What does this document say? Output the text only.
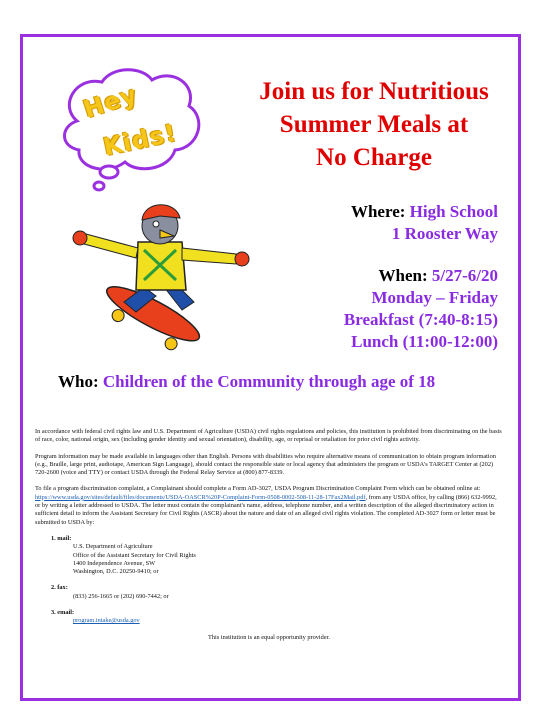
Hey
Kids!
Join us for Nutritious
Summer Meals at
No Charge
Where: High School
1 Rooster Way
When: 5/27-6/20
Monday – Friday
Breakfast (7:40-8:15)
Lunch (11:00-12:00)
Who: Children of the Community through age of 18

In accordance with federal civil rights law and U.S. Department of Agriculture (USDA) civil rights regulations and policies, this institution is prohibited from discriminating on the basis of race, color, national origin, sex (including gender identity and sexual orientation), disability, age, or reprisal or retaliation for prior civil rights activity.

Program information may be made available in languages other than English. Persons with disabilities who require alternative means of communication to obtain program information (e.g., Braille, large print, audiotape, American Sign Language), should contact the responsible state or local agency that administers the program or USDA's TARGET Center at (202) 720-2600 (voice and TTY) or contact USDA through the Federal Relay Service at (800) 877-8339.

To file a program discrimination complaint, a Complainant should complete a Form AD-3027, USDA Program Discrimination Complaint Form which can be obtained online at: https://www.usda.gov/sites/default/files/documents/USDA-OASCR%20P-Complaint-Form-0508-0002-508-11-28-17Fax2Mail.pdf, from any USDA office, by calling (866) 632-9992, or by writing a letter addressed to USDA. The letter must contain the complainant's name, address, telephone number, and a written description of the alleged discriminatory action in sufficient detail to inform the Assistant Secretary for Civil Rights (ASCR) about the nature and date of an alleged civil rights violation. The completed AD-3027 form or letter must be submitted to USDA by:

1. mail:
U.S. Department of Agriculture
Office of the Assistant Secretary for Civil Rights
1400 Independence Avenue, SW
Washington, D.C. 20250-9410; or
2. fax:
(833) 256-1665 or (202) 690-7442; or
3. email:
program.intake@usda.gov
This institution is an equal opportunity provider.
